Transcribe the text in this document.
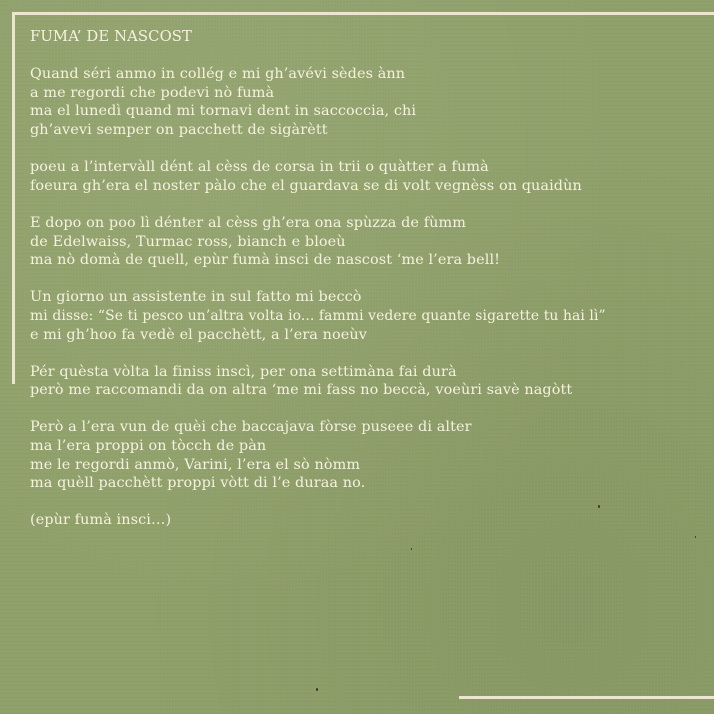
FUMA’ DE NASCOST
Quand séri anmo in collég e mi gh’avévi sèdes ànn
a me regordi che podevi nò fumà
ma el lunedì quand mi tornavi dent in saccoccia, chi
gh’avevi semper on pacchett de sigàrètt
poeu a l’intervàll dént al cèss de corsa in trii o quàtter a fumà
foeura gh’era el noster pàlo che el guardava se di volt vegnèss on quaidùn
E dopo on poo lì dénter al cèss gh’era ona spùzza de fùmm
de Edelwaiss, Turmac ross, bianch e bloeù
ma nò domà de quell, epùr fumà insci de nascost ‘me l’era bell!
Un giorno un assistente in sul fatto mi beccò
mi disse: “Se ti pesco un’altra volta io... fammi vedere quante sigarette tu hai lì”
e mi gh’hoo fa vedè el pacchètt, a l’era noeùv
Pér quèsta vòlta la finiss inscì, per ona settimàna fai durà
però me raccomandi da on altra ‘me mi fass no beccà, voeùri savè nagòtt
Però a l’era vun de quèi che baccajava fòrse puseee di alter
ma l’era proppi on tòcch de pàn
me le regordi anmò, Varini, l’era el sò nòmm
ma quèll pacchètt proppi vòtt di l’e duraa no.
(epùr fumà insci…)
